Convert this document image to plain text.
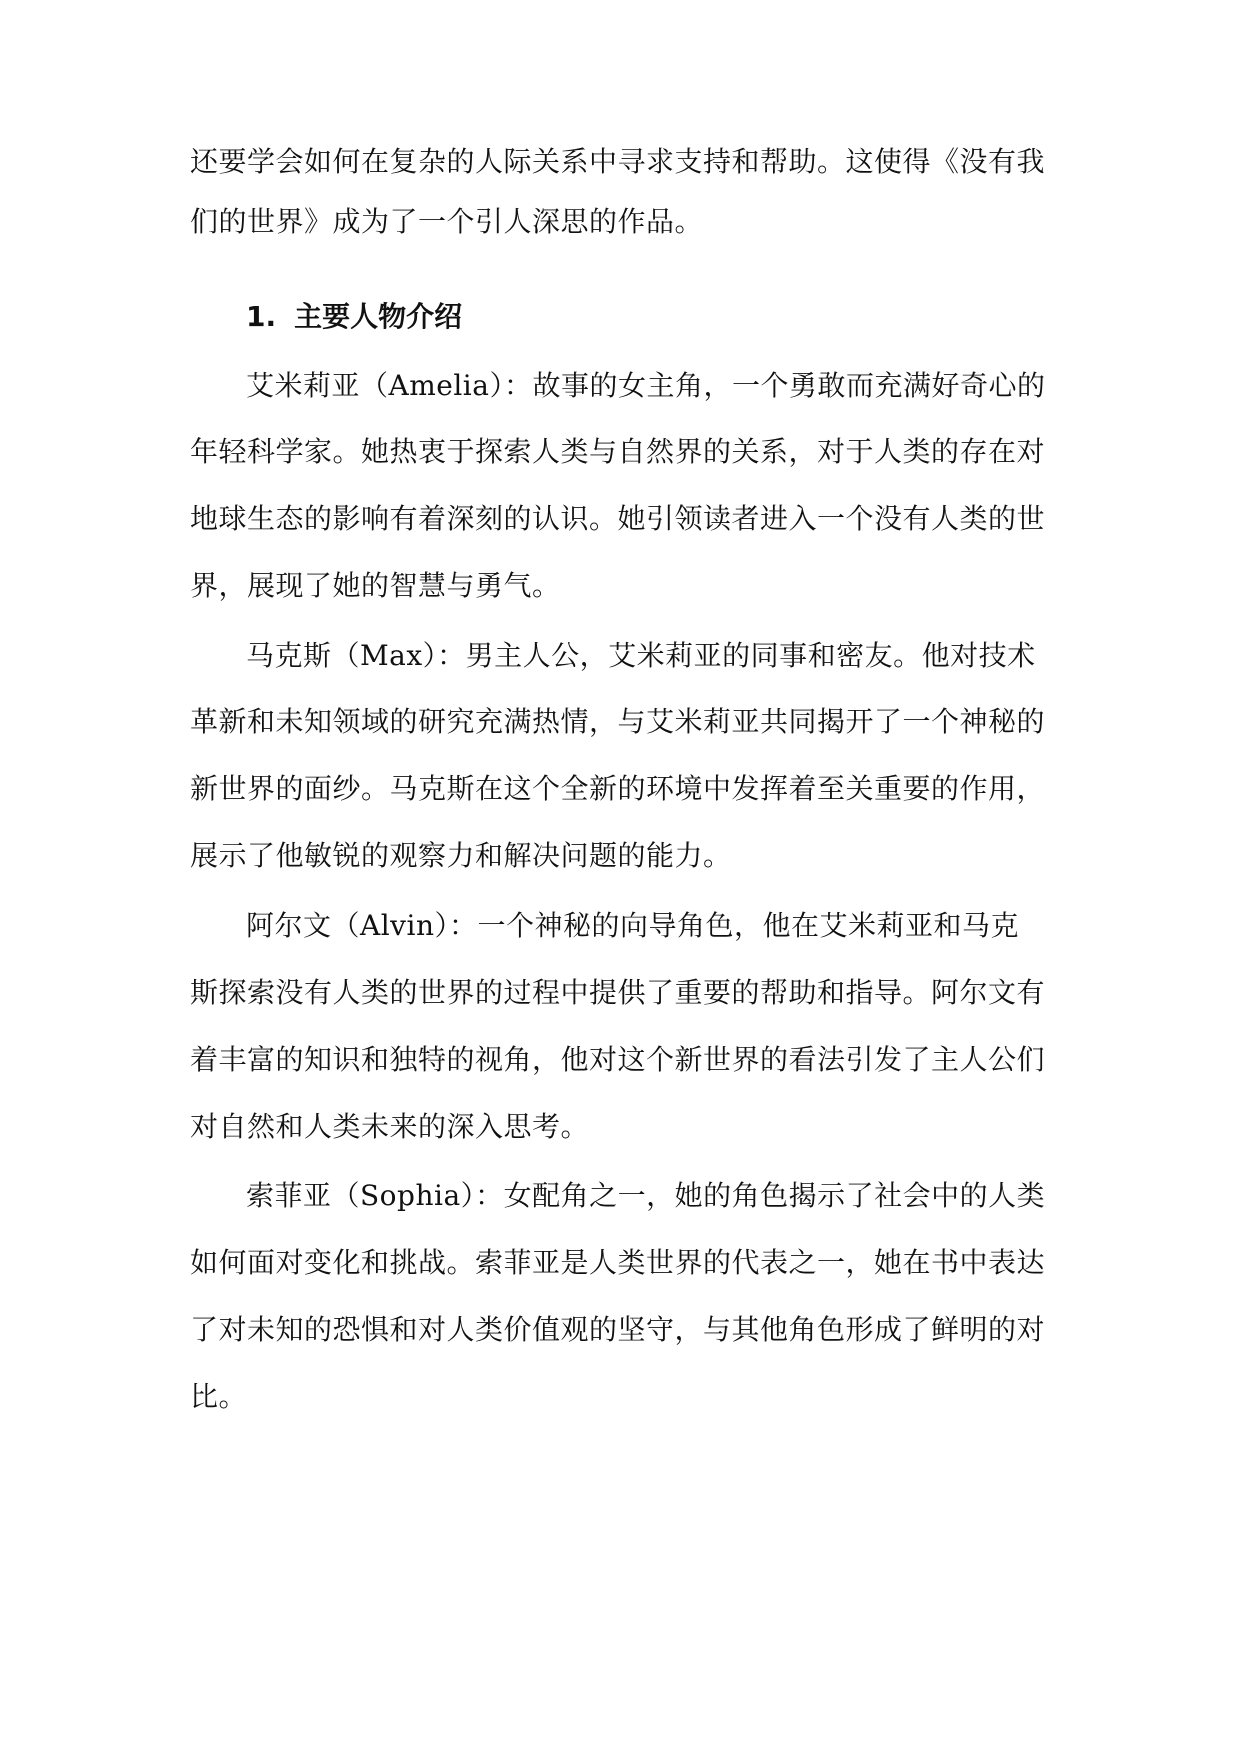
还要学会如何在复杂的人际关系中寻求支持和帮助。这使得《没有我
们的世界》成为了一个引人深思的作品。
1. 主要人物介绍
艾米莉亚（Amelia）：故事的女主角，一个勇敢而充满好奇心的
年轻科学家。她热衷于探索人类与自然界的关系，对于人类的存在对
地球生态的影响有着深刻的认识。她引领读者进入一个没有人类的世
界，展现了她的智慧与勇气。
马克斯（Max）：男主人公，艾米莉亚的同事和密友。他对技术
革新和未知领域的研究充满热情，与艾米莉亚共同揭开了一个神秘的
新世界的面纱。马克斯在这个全新的环境中发挥着至关重要的作用，
展示了他敏锐的观察力和解决问题的能力。
阿尔文（Alvin）：一个神秘的向导角色，他在艾米莉亚和马克
斯探索没有人类的世界的过程中提供了重要的帮助和指导。阿尔文有
着丰富的知识和独特的视角，他对这个新世界的看法引发了主人公们
对自然和人类未来的深入思考。
索菲亚（Sophia）：女配角之一，她的角色揭示了社会中的人类
如何面对变化和挑战。索菲亚是人类世界的代表之一，她在书中表达
了对未知的恐惧和对人类价值观的坚守，与其他角色形成了鲜明的对
比。
